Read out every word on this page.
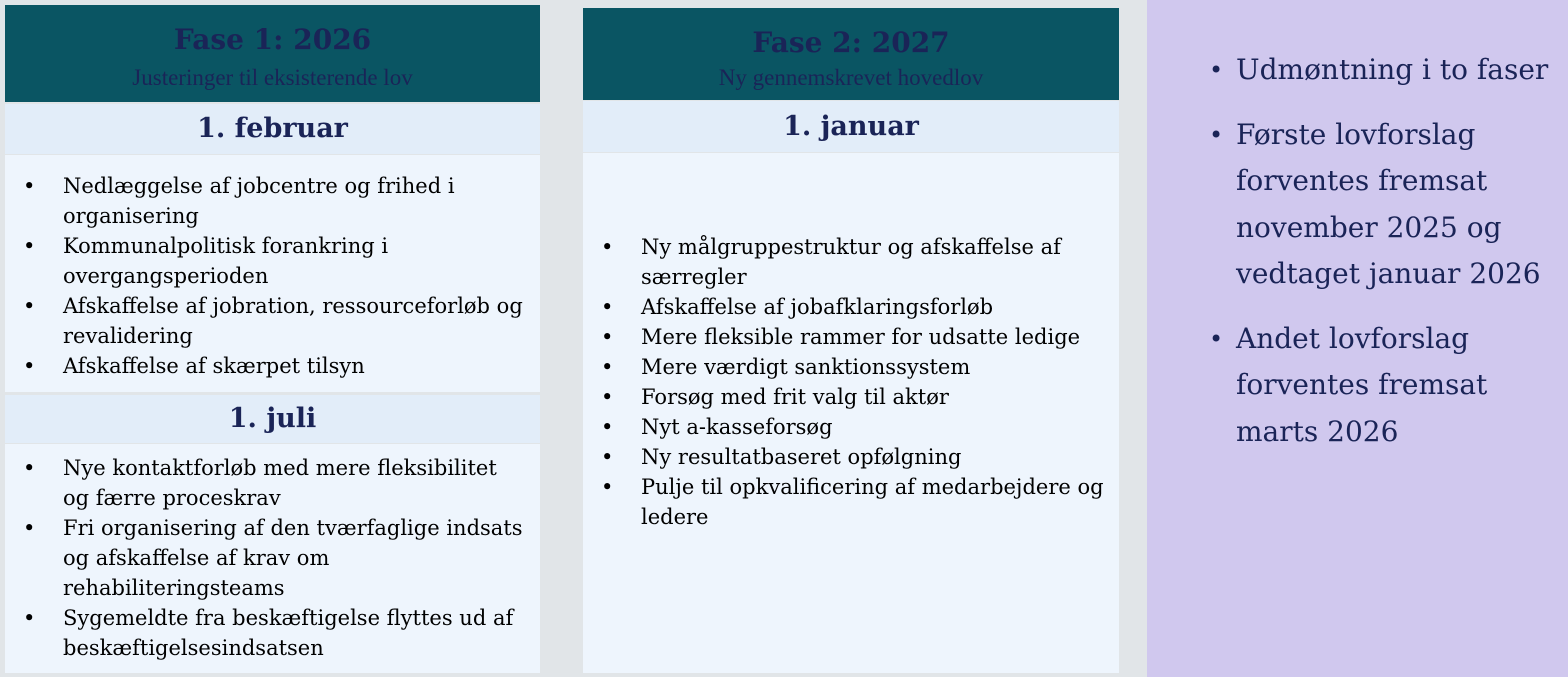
Fase 1: 2026
Justeringer til eksisterende lov
1. februar
•	Nedlæggelse af jobcentre og frihed i organisering
•	Kommunalpolitisk forankring i overgangsperioden
•	Afskaffelse af jobration, ressourceforløb og revalidering
•	Afskaffelse af skærpet tilsyn
1. juli
•	Nye kontaktforløb med mere fleksibilitet og færre proceskrav
•	Fri organisering af den tværfaglige indsats og afskaffelse af krav om rehabiliteringsteams
•	Sygemeldte fra beskæftigelse flyttes ud af beskæftigelsesindsatsen
Fase 2: 2027
Ny gennemskrevet hovedlov
1. januar
•	Ny målgruppestruktur og afskaffelse af særregler
•	Afskaffelse af jobafklaringsforløb
•	Mere fleksible rammer for udsatte ledige
•	Mere værdigt sanktionssystem
•	Forsøg med frit valg til aktør
•	Nyt a-kasseforsøg
•	Ny resultatbaseret opfølgning
•	Pulje til opkvalificering af medarbejdere og ledere
• Udmøntning i to faser
• Første lovforslag forventes fremsat november 2025 og vedtaget januar 2026
• Andet lovforslag forventes fremsat marts 2026
